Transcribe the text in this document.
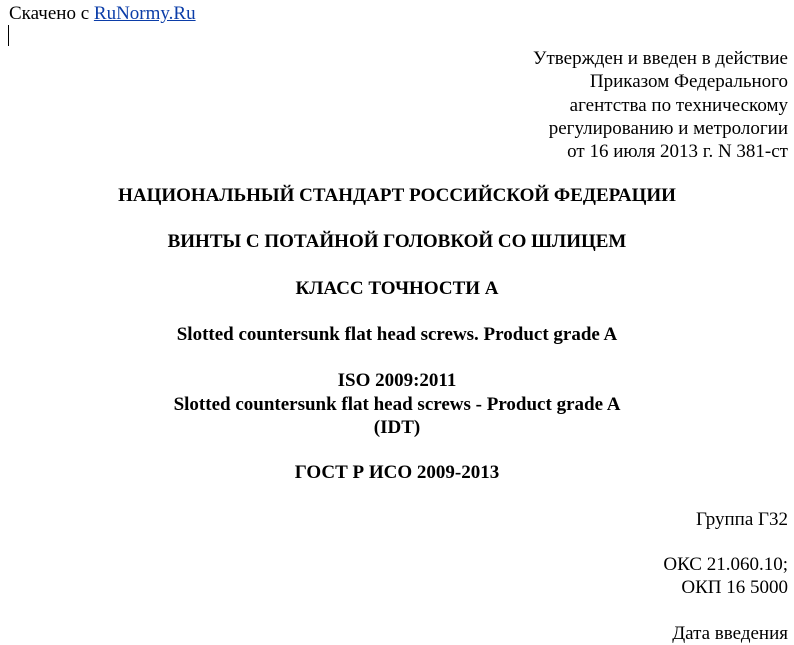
Скачено с RuNormy.Ru
Утвержден и введен в действие
Приказом Федерального
агентства по техническому
регулированию и метрологии
от 16 июля 2013 г. N 381-ст
НАЦИОНАЛЬНЫЙ СТАНДАРТ РОССИЙСКОЙ ФЕДЕРАЦИИ
ВИНТЫ С ПОТАЙНОЙ ГОЛОВКОЙ СО ШЛИЦЕМ
КЛАСС ТОЧНОСТИ А
Slotted countersunk flat head screws. Product grade A
ISO 2009:2011
Slotted countersunk flat head screws - Product grade A
(IDT)
ГОСТ Р ИСО 2009-2013
Группа Г32
ОКС 21.060.10;
ОКП 16 5000
Дата введения
